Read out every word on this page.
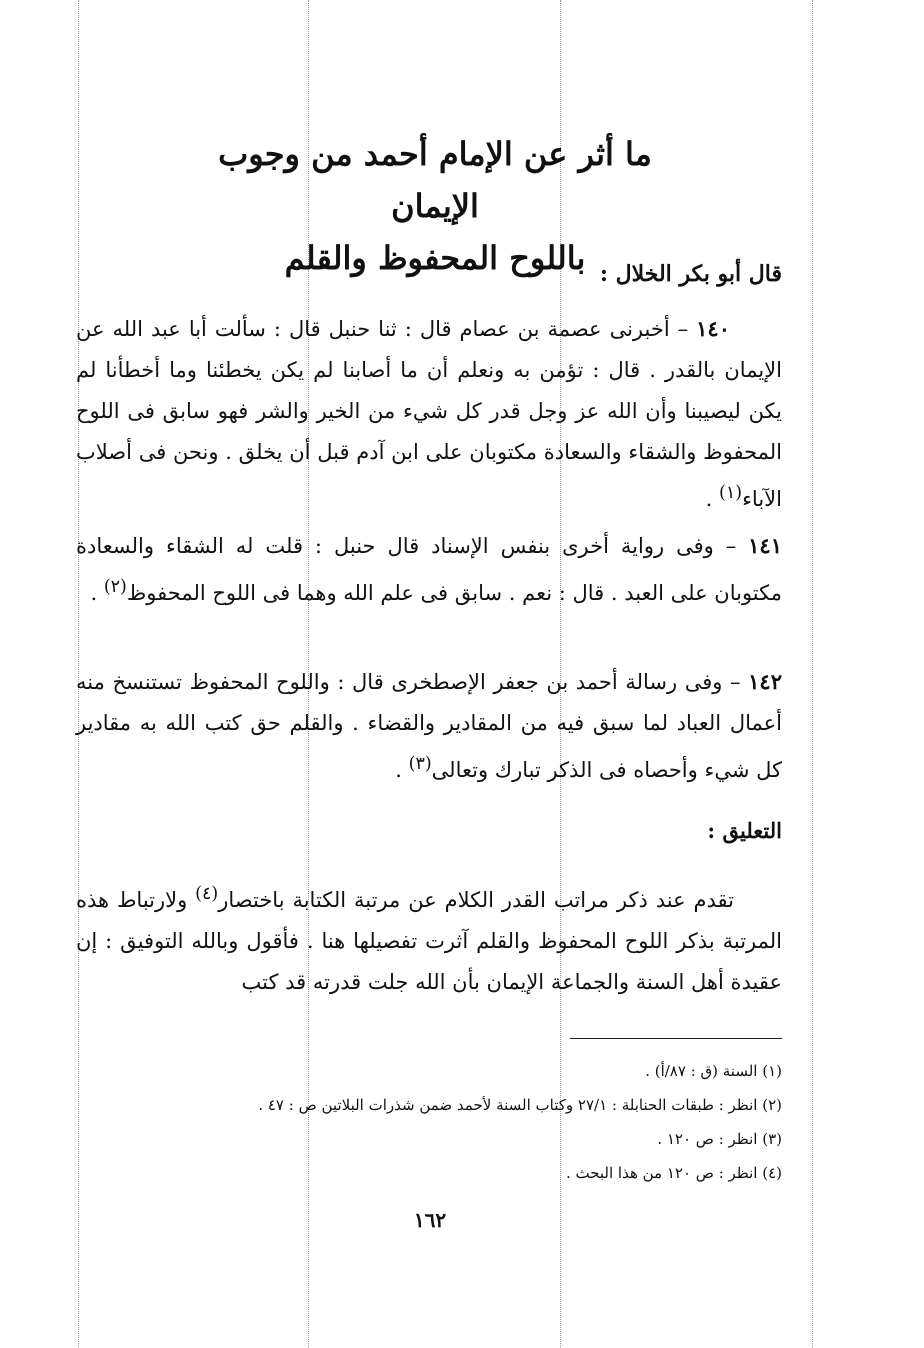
ما أثر عن الإمام أحمد من وجوب الإيمان
باللوح المحفوظ والقلم قال أبو بكر الخلال :
١٤٠ – أخبرنى عصمة بن عصام قال : ثنا حنبل قال : سألت أبا عبد الله عن الإيمان بالقدر . قال : تؤمن به ونعلم أن ما أصابنا لم يكن يخطئنا وما أخطأنا لم يكن ليصيبنا وأن الله عز وجل قدر كل شيء من الخير والشر فهو سابق فى اللوح المحفوظ والشقاء والسعادة مكتوبان على ابن آدم قبل أن يخلق . ونحن فى أصلاب الآباء$^{(١)}$ .
١٤١ – وفى رواية أخرى بنفس الإسناد قال حنبل : قلت له الشقاء والسعادة مكتوبان على العبد . قال : نعم . سابق فى علم الله وهما فى اللوح المحفوظ$^{(٢)}$ .
١٤٢ – وفى رسالة أحمد بن جعفر الإصطخرى قال : واللوح المحفوظ تستنسخ منه أعمال العباد لما سبق فيه من المقادير والقضاء . والقلم حق كتب الله به مقادير كل شيء وأحصاه فى الذكر تبارك وتعالى$^{(٣)}$ .
التعليق :
تقدم عند ذكر مراتب القدر الكلام عن مرتبة الكتابة باختصار$^{(٤)}$ ولارتباط هذه المرتبة بذكر اللوح المحفوظ والقلم آثرت تفصيلها هنا . فأقول وبالله التوفيق : إن عقيدة أهل السنة والجماعة الإيمان بأن الله جلت قدرته قد كتب
(١) السنة (ق : ٨٧/أ) .
(٢) انظر : طبقات الحنابلة : ٢٧/١ وكتاب السنة لأحمد ضمن شذرات البلاتين ص : ٤٧ .
(٣) انظر : ص ١٢٠ .
(٤) انظر : ص ١٢٠ من هذا البحث .
١٦٢
